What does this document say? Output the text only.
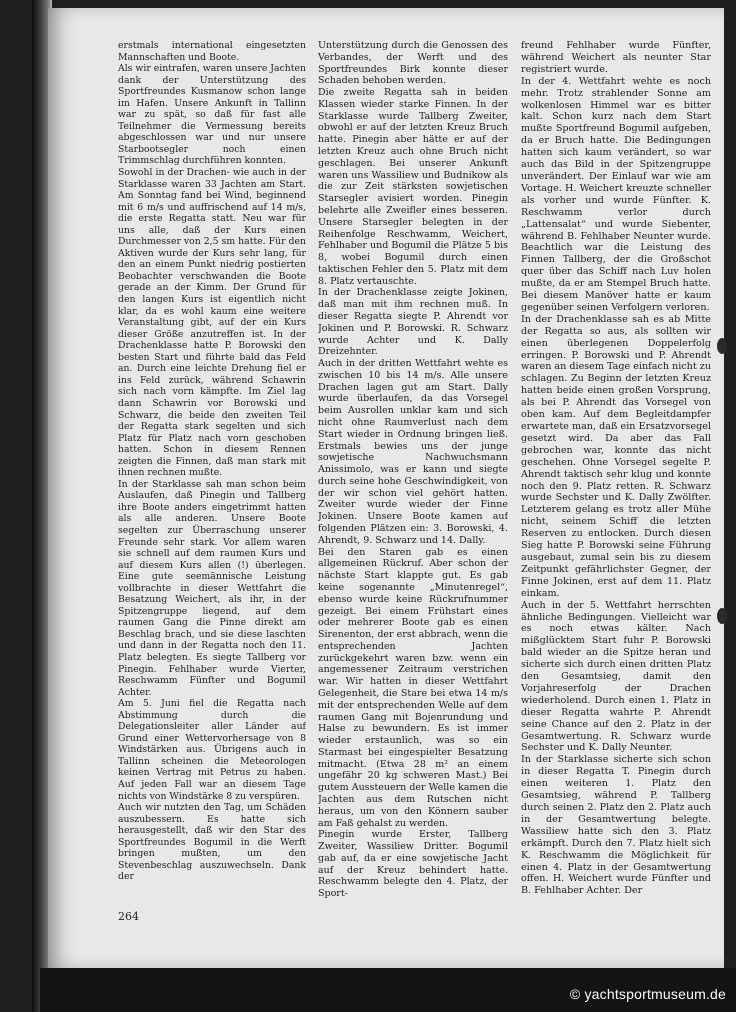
erstmals international eingesetzten Mannschaften und Boote.

Als wir eintrafen, waren unsere Jachten dank der Unterstützung des Sportfreundes Kusmanow schon lange im Hafen. Unsere Ankunft in Tallinn war zu spät, so daß für fast alle Teilnehmer die Vermessung bereits abgeschlossen war und nur unsere Starbootsegler noch einen Trimmschlag durchführen konnten.

Sowohl in der Drachen- wie auch in der Starklasse waren 33 Jachten am Start. Am Sonntag fand bei Wind, beginnend mit 6 m/s und auffrischend auf 14 m/s, die erste Regatta statt. Neu war für uns alle, daß der Kurs einen Durchmesser von 2,5 sm hatte. Für den Aktiven wurde der Kurs sehr lang, für den an einem Punkt niedrig postierten Beobachter verschwanden die Boote gerade an der Kimm. Der Grund für den langen Kurs ist eigentlich nicht klar, da es wohl kaum eine weitere Veranstaltung gibt, auf der ein Kurs dieser Größe anzutreffen ist. In der Drachenklasse hatte P. Borowski den besten Start und führte bald das Feld an. Durch eine leichte Drehung fiel er ins Feld zurück, während Schawrin sich nach vorn kämpfte. Im Ziel lag dann Schawrin vor Borowski und Schwarz, die beide den zweiten Teil der Regatta stark segelten und sich Platz für Platz nach vorn geschoben hatten. Schon in diesem Rennen zeigten die Finnen, daß man stark mit ihnen rechnen mußte.

In der Starklasse sah man schon beim Auslaufen, daß Pinegin und Tallberg ihre Boote anders eingetrimmt hatten als alle anderen. Unsere Boote segelten zur Überraschung unserer Freunde sehr stark. Vor allem waren sie schnell auf dem raumen Kurs und auf diesem Kurs allen (!) überlegen. Eine gute seemännische Leistung vollbrachte in dieser Wettfahrt die Besatzung Weichert, als ihr, in der Spitzengruppe liegend, auf dem raumen Gang die Pinne direkt am Beschlag brach, und sie diese laschten und dann in der Regatta noch den 11. Platz belegten. Es siegte Tallberg vor Pinegin. Fehlhaber wurde Vierter, Reschwamm Fünfter und Bogumil Achter.

Am 5. Juni fiel die Regatta nach Abstimmung durch die Delegationsleiter aller Länder auf Grund einer Wettervorhersage von 8 Windstärken aus. Übrigens auch in Tallinn scheinen die Meteorologen keinen Vertrag mit Petrus zu haben. Auf jeden Fall war an diesem Tage nichts von Windstärke 8 zu verspüren.

Auch wir nutzten den Tag, um Schäden auszubessern. Es hatte sich herausgestellt, daß wir den Star des Sportfreundes Bogumil in die Werft bringen mußten, um den Stevenbeschlag auszuwechseln. Dank der

Unterstützung durch die Genossen des Verbandes, der Werft und des Sportfreundes Birk konnte dieser Schaden behoben werden.

Die zweite Regatta sah in beiden Klassen wieder starke Finnen. In der Starklasse wurde Tallberg Zweiter, obwohl er auf der letzten Kreuz Bruch hatte. Pinegin aber hätte er auf der letzten Kreuz auch ohne Bruch nicht geschlagen. Bei unserer Ankunft waren uns Wassiliew und Budnikow als die zur Zeit stärksten sowjetischen Starsegler avisiert worden. Pinegin belehrte alle Zweifler eines besseren. Unsere Starsegler belegten in der Reihenfolge Reschwamm, Weichert, Fehlhaber und Bogumil die Plätze 5 bis 8, wobei Bogumil durch einen taktischen Fehler den 5. Platz mit dem 8. Platz vertauschte.

In der Drachenklasse zeigte Jokinen, daß man mit ihm rechnen muß. In dieser Regatta siegte P. Ahrendt vor Jokinen und P. Borowski. R. Schwarz wurde Achter und K. Dally Dreizehnter.

Auch in der dritten Wettfahrt wehte es zwischen 10 bis 14 m/s. Alle unsere Drachen lagen gut am Start. Dally wurde überlaufen, da das Vorsegel beim Ausrollen unklar kam und sich nicht ohne Raumverlust nach dem Start wieder in Ordnung bringen ließ. Erstmals bewies uns der junge sowjetische Nachwuchsmann Anissimolo, was er kann und siegte durch seine hohe Geschwindigkeit, von der wir schon viel gehört hatten. Zweiter wurde wieder der Finne Jokinen. Unsere Boote kamen auf folgenden Plätzen ein: 3. Borowski, 4. Ahrendt, 9. Schwarz und 14. Dally.

Bei den Staren gab es einen allgemeinen Rückruf. Aber schon der nächste Start klappte gut. Es gab keine sogenannte „Minutenregel“, ebenso wurde keine Rückrufnummer gezeigt. Bei einem Frühstart eines oder mehrerer Boote gab es einen Sirenenton, der erst abbrach, wenn die entsprechenden Jachten zurückgekehrt waren bzw. wenn ein angemessener Zeitraum verstrichen war. Wir hatten in dieser Wettfahrt Gelegenheit, die Stare bei etwa 14 m/s mit der entsprechenden Welle auf dem raumen Gang mit Bojenrundung und Halse zu bewundern. Es ist immer wieder erstaunlich, was so ein Starmast bei eingespielter Besatzung mitmacht. (Etwa 28 m² an einem ungefähr 20 kg schweren Mast.) Bei gutem Aussteuern der Welle kamen die Jachten aus dem Rutschen nicht heraus, um von den Könnern sauber am Faß gehalst zu werden.

Pinegin wurde Erster, Tallberg Zweiter, Wassiliew Dritter. Bogumil gab auf, da er eine sowjetische Jacht auf der Kreuz behindert hatte. Reschwamm belegte den 4. Platz, der Sport-

freund Fehlhaber wurde Fünfter, während Weichert als neunter Star registriert wurde.

In der 4. Wettfahrt wehte es noch mehr. Trotz strahlender Sonne am wolkenlosen Himmel war es bitter kalt. Schon kurz nach dem Start mußte Sportfreund Bogumil aufgeben, da er Bruch hatte. Die Bedingungen hatten sich kaum verändert, so war auch das Bild in der Spitzengruppe unverändert. Der Einlauf war wie am Vortage. H. Weichert kreuzte schneller als vorher und wurde Fünfter. K. Reschwamm verlor durch „Lattensalat“ und wurde Siebenter, während B. Fehlhaber Neunter wurde. Beachtlich war die Leistung des Finnen Tallberg, der die Großschot quer über das Schiff nach Luv holen mußte, da er am Stempel Bruch hatte. Bei diesem Manöver hatte er kaum gegenüber seinen Verfolgern verloren.

In der Drachenklasse sah es ab Mitte der Regatta so aus, als sollten wir einen überlegenen Doppelerfolg erringen. P. Borowski und P. Ahrendt waren an diesem Tage einfach nicht zu schlagen. Zu Beginn der letzten Kreuz hatten beide einen großen Vorsprung, als bei P. Ahrendt das Vorsegel von oben kam. Auf dem Begleitdampfer erwartete man, daß ein Ersatzvorsegel gesetzt wird. Da aber das Fall gebrochen war, konnte das nicht geschehen. Ohne Vorsegel segelte P. Ahrendt taktisch sehr klug und konnte noch den 9. Platz retten. R. Schwarz wurde Sechster und K. Dally Zwölfter. Letzterem gelang es trotz aller Mühe nicht, seinem Schiff die letzten Reserven zu entlocken. Durch diesen Sieg hatte P. Borowski seine Führung ausgebaut, zumal sein bis zu diesem Zeitpunkt gefährlichster Gegner, der Finne Jokinen, erst auf dem 11. Platz einkam.

Auch in der 5. Wettfahrt herrschten ähnliche Bedingungen. Vielleicht war es noch etwas kälter. Nach mißglücktem Start fuhr P. Borowski bald wieder an die Spitze heran und sicherte sich durch einen dritten Platz den Gesamtsieg, damit den Vorjahreserfolg der Drachen wiederholend. Durch einen 1. Platz in dieser Regatta wahrte P. Ahrendt seine Chance auf den 2. Platz in der Gesamtwertung. R. Schwarz wurde Sechster und K. Dally Neunter.

In der Starklasse sicherte sich schon in dieser Regatta T. Pinegin durch einen weiteren 1. Platz den Gesamtsieg, während P. Tallberg durch seinen 2. Platz den 2. Platz auch in der Gesamtwertung belegte. Wassiliew hatte sich den 3. Platz erkämpft. Durch den 7. Platz hielt sich K. Reschwamm die Möglichkeit für einen 4. Platz in der Gesamtwertung offen. H. Weichert wurde Fünfter und B. Fehlhaber Achter. Der

264
© yachtsportmuseum.de
